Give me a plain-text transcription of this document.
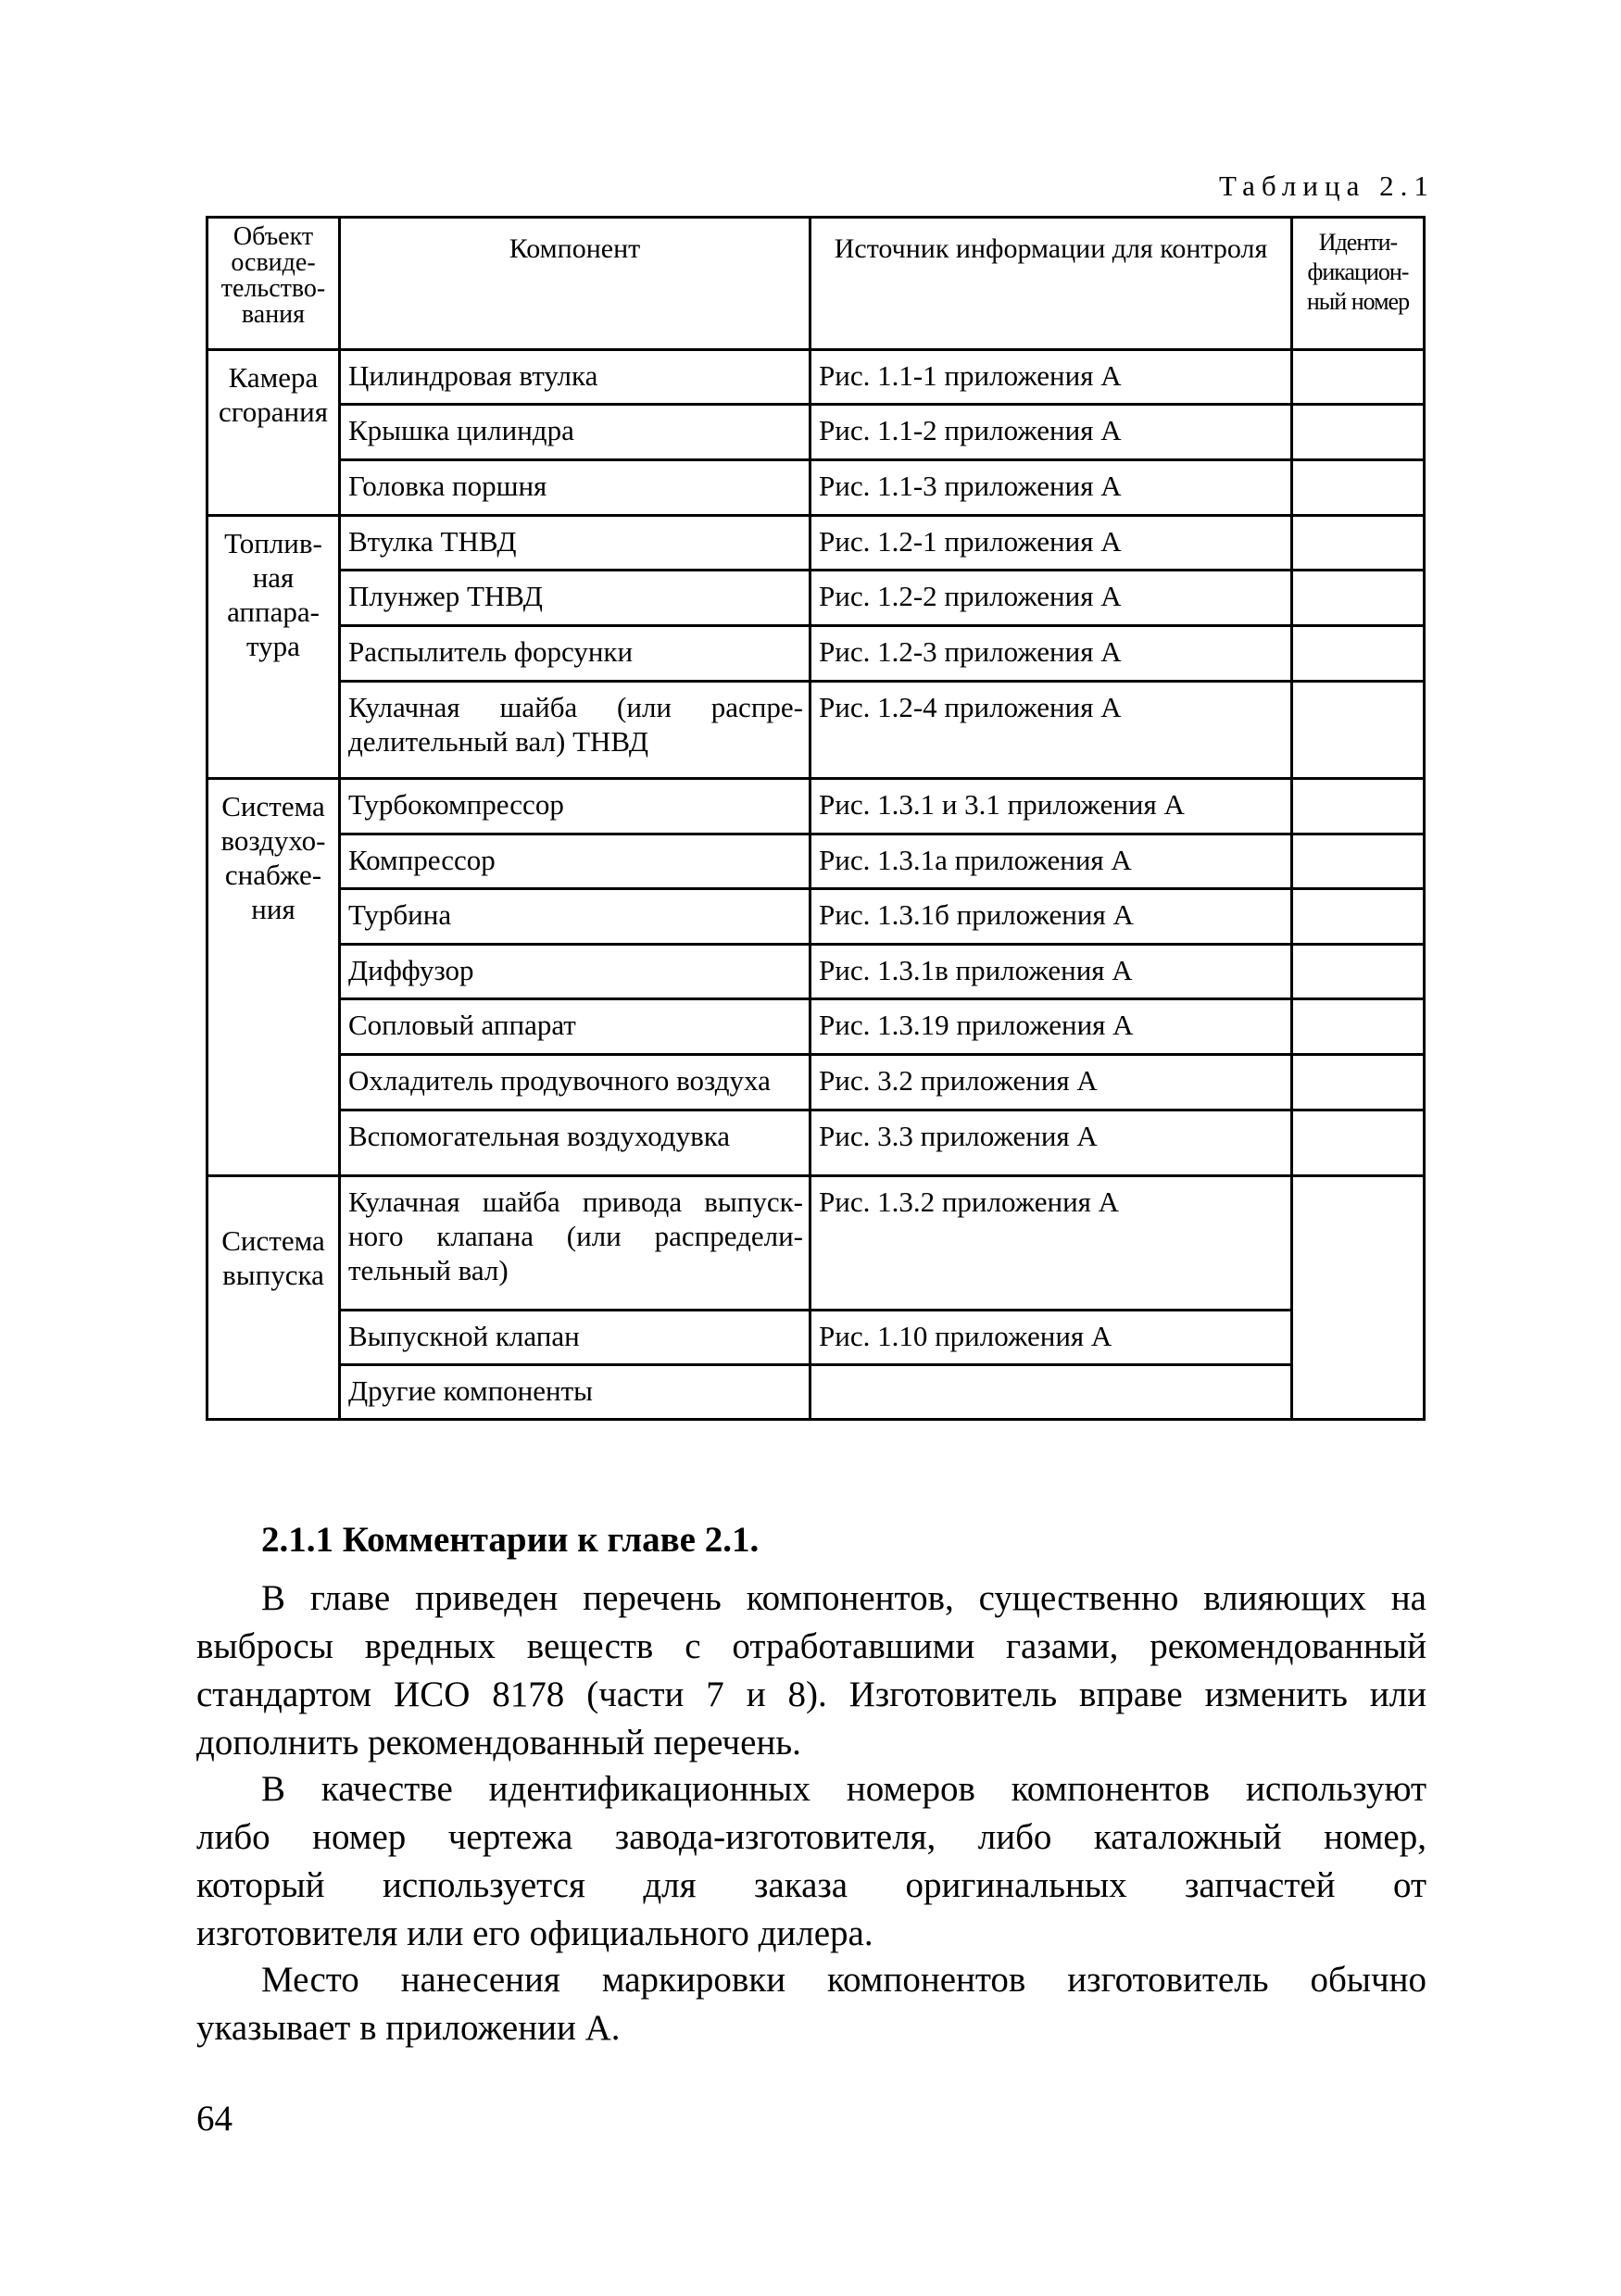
Таблица 2.1
Объект
освиде-
тельство-
вания	Компонент	Источник информации для контроля	Иденти-
фикацион-
ный номер
Камера
сгорания	Цилиндровая втулка	Рис. 1.1-1 приложения А	
	Крышка цилиндра	Рис. 1.1-2 приложения А	
	Головка поршня	Рис. 1.1-3 приложения А	
Топлив-
ная
аппара-
тура	Втулка ТНВД	Рис. 1.2-1 приложения А	
	Плунжер ТНВД	Рис. 1.2-2 приложения А	
	Распылитель форсунки	Рис. 1.2-3 приложения А	
	Кулачная шайба (или распре-
делительный вал) ТНВД	Рис. 1.2-4 приложения А	
Система
воздухо-
снабже-
ния	Турбокомпрессор	Рис. 1.3.1 и 3.1 приложения А	
	Компрессор	Рис. 1.3.1а приложения А	
	Турбина	Рис. 1.3.1б приложения А	
	Диффузор	Рис. 1.3.1в приложения А	
	Сопловый аппарат	Рис. 1.3.19 приложения А	
	Охладитель продувочного воздуха	Рис. 3.2 приложения А	
	Вспомогательная воздуходувка	Рис. 3.3 приложения А	
Система
выпуска	Кулачная шайба привода выпуск-
ного клапана (или распредели-
тельный вал)	Рис. 1.3.2 приложения А	
	Выпускной клапан	Рис. 1.10 приложения А	
	Другие компоненты		
2.1.1 Комментарии к главе 2.1.

В главе приведен перечень компонентов, существенно влияющих на
выбросы вредных веществ с отработавшими газами, рекомендованный
стандартом ИСО 8178 (части 7 и 8). Изготовитель вправе изменить или
дополнить рекомендованный перечень.

В качестве идентификационных номеров компонентов используют
либо номер чертежа завода-изготовителя, либо каталожный номер,
который используется для заказа оригинальных запчастей от
изготовителя или его официального дилера.

Место нанесения маркировки компонентов изготовитель обычно
указывает в приложении А.

64
